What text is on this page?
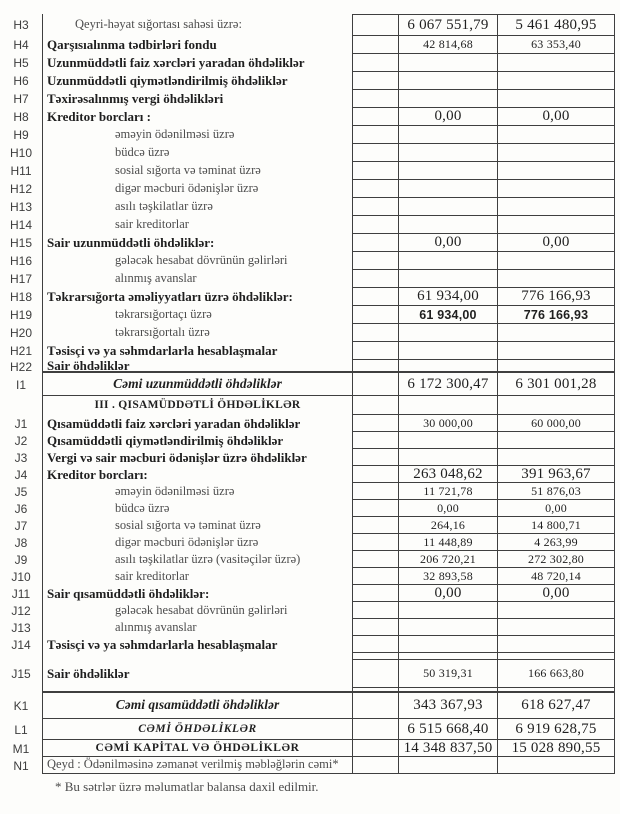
H3	Qeyri-həyat sığortası sahəsi üzrə:	6 067 551,79	5 461 480,95
H4	Qarşısıalınma tədbirləri fondu	42 814,68	63 353,40
H5	Uzunmüddətli faiz xərcləri yaradan öhdəliklər
H6	Uzunmüddətli qiymətləndirilmiş öhdəliklər
H7	Təxirəsalınmış vergi öhdəlikləri
H8	Kreditor borcları :	0,00	0,00
H9	əməyin ödənilməsi üzrə
H10	büdcə üzrə
H11	sosial sığorta və təminat üzrə
H12	digər məcburi ödənişlər üzrə
H13	asılı təşkilatlar üzrə
H14	sair kreditorlar
H15	Sair uzunmüddətli öhdəliklər:	0,00	0,00
H16	gələcək hesabat dövrünün gəlirləri
H17	alınmış avanslar
H18	Təkrarsığorta əməliyyatları üzrə öhdəliklər:	61 934,00	776 166,93
H19	təkrarsığortaçı üzrə	61 934,00	776 166,93
H20	təkrarsığortalı üzrə
H21	Təsisçi və ya səhmdarlarla hesablaşmalar
H22	Sair öhdəliklər
I1	Cəmi uzunmüddətli öhdəliklər	6 172 300,47	6 301 001,28
III . QISAMÜDDƏTLİ ÖHDƏLİKLƏR
J1	Qısamüddətli faiz xərcləri yaradan öhdəliklər	30 000,00	60 000,00
J2	Qısamüddətli qiymətləndirilmiş öhdəliklər
J3	Vergi və sair məcburi ödənişlər üzrə öhdəliklər
J4	Kreditor borcları:	263 048,62	391 963,67
J5	əməyin ödənilməsi üzrə	11 721,78	51 876,03
J6	büdcə üzrə	0,00	0,00
J7	sosial sığorta və təminat üzrə	264,16	14 800,71
J8	digər məcburi ödənişlər üzrə	11 448,89	4 263,99
J9	asılı təşkilatlar üzrə (vasitəçilər üzrə)	206 720,21	272 302,80
J10	sair kreditorlar	32 893,58	48 720,14
J11	Sair qısamüddətli öhdəliklər:	0,00	0,00
J12	gələcək hesabat dövrünün gəlirləri
J13	alınmış avanslar
J14	Təsisçi və ya səhmdarlarla hesablaşmalar
J15	Sair öhdəliklər	50 319,31	166 663,80
K1	Cəmi qısamüddətli öhdəliklər	343 367,93	618 627,47
L1	CƏMİ ÖHDƏLİKLƏR	6 515 668,40	6 919 628,75
M1	CƏMİ KAPİTAL VƏ ÖHDƏLİKLƏR	14 348 837,50	15 028 890,55
N1	Qeyd : Ödənilməsinə zəmanət verilmiş məbləğlərin cəmi*
* Bu sətrlər üzrə məlumatlar balansa daxil edilmir.
